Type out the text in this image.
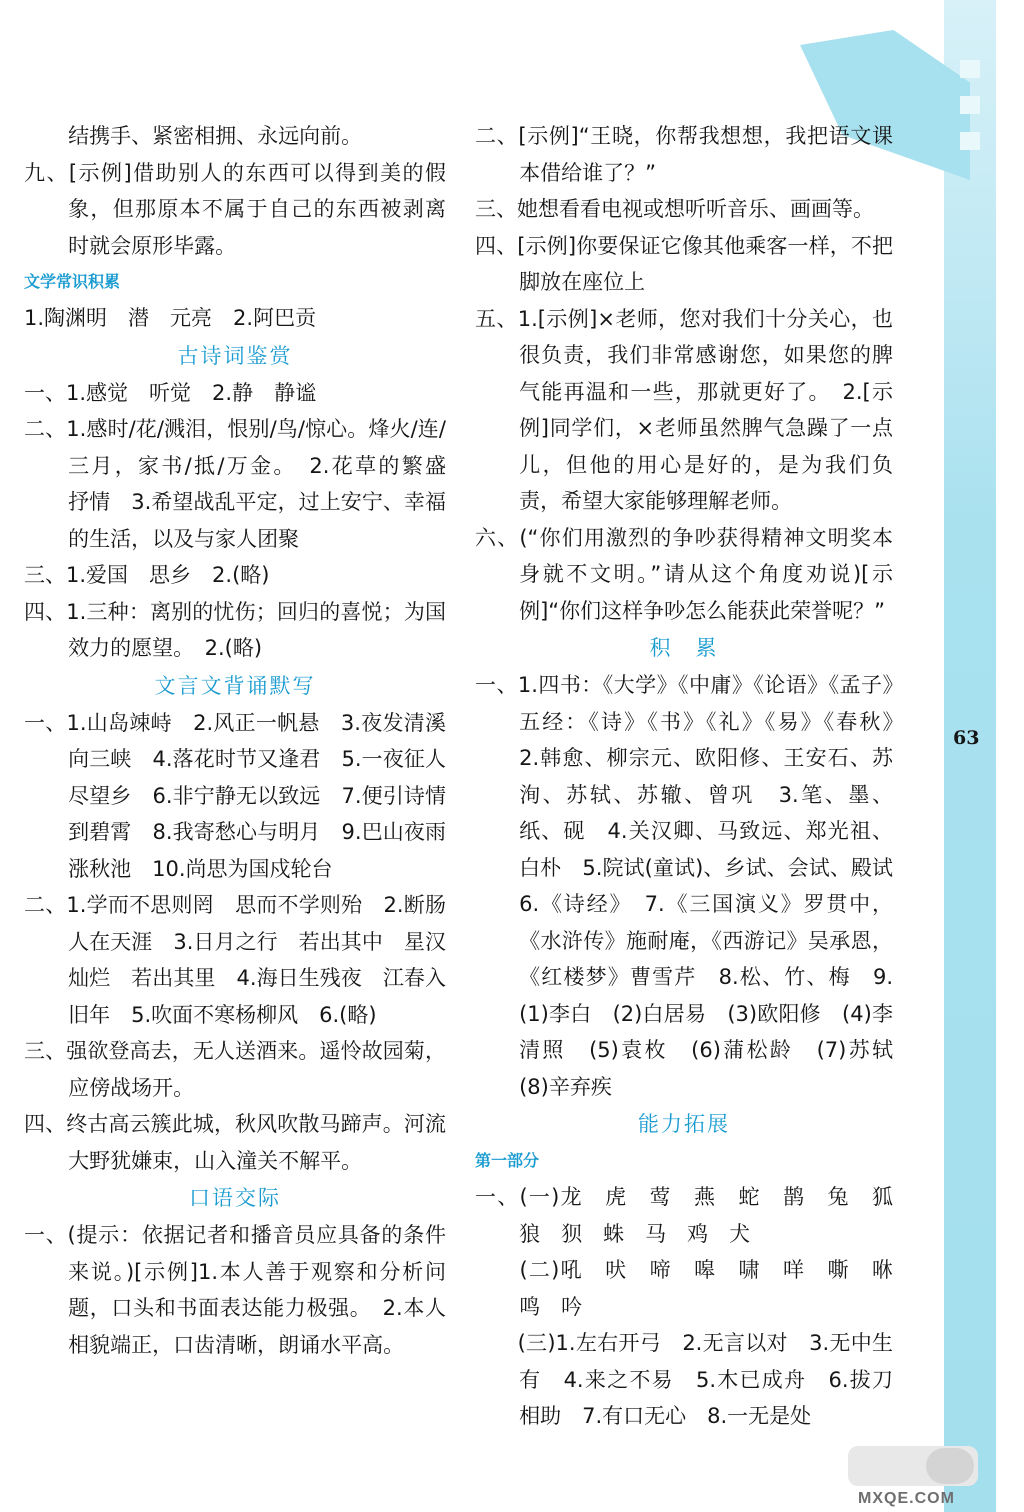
结携手、紧密相拥、永远向前。
九、[示例]借助别人的东西可以得到美的假象，但那原本不属于自己的东西被剥离时就会原形毕露。
文学常识积累
1.陶渊明　潜　元亮　2.阿巴贡
古诗词鉴赏
一、1.感觉　听觉　2.静　静谧
二、1.感时/花/溅泪，恨别/鸟/惊心。烽火/连/三月，家书/抵/万金。　2.花草的繁盛　抒情　3.希望战乱平定，过上安宁、幸福的生活，以及与家人团聚
三、1.爱国　思乡　2.(略)
四、1.三种：离别的忧伤；回归的喜悦；为国效力的愿望。　2.(略)
文言文背诵默写
一、1.山岛竦峙　2.风正一帆悬　3.夜发清溪向三峡　4.落花时节又逢君　5.一夜征人尽望乡　6.非宁静无以致远　7.便引诗情到碧霄　8.我寄愁心与明月　9.巴山夜雨涨秋池　10.尚思为国戍轮台
二、1.学而不思则罔　思而不学则殆　2.断肠人在天涯　3.日月之行　若出其中　星汉灿烂　若出其里　4.海日生残夜　江春入旧年　5.吹面不寒杨柳风　6.(略)
三、强欲登高去，无人送酒来。遥怜故园菊，应傍战场开。
四、终古高云簇此城，秋风吹散马蹄声。河流大野犹嫌束，山入潼关不解平。
口语交际
一、(提示：依据记者和播音员应具备的条件来说。)[示例]1.本人善于观察和分析问题，口头和书面表达能力极强。　2.本人相貌端正，口齿清晰，朗诵水平高。
二、[示例]“王晓，你帮我想想，我把语文课本借给谁了？”
三、她想看看电视或想听听音乐、画画等。
四、[示例]你要保证它像其他乘客一样，不把脚放在座位上
五、1.[示例]×老师，您对我们十分关心，也很负责，我们非常感谢您，如果您的脾气能再温和一些，那就更好了。　2.[示例]同学们，×老师虽然脾气急躁了一点儿，但他的用心是好的，是为我们负责，希望大家能够理解老师。
六、(“你们用激烈的争吵获得精神文明奖本身就不文明。”请从这个角度劝说)[示例]“你们这样争吵怎么能获此荣誉呢？”
积　累
一、1.四书：《大学》《中庸》《论语》《孟子》五经：《诗》《书》《礼》《易》《春秋》　2.韩愈、柳宗元、欧阳修、王安石、苏洵、苏轼、苏辙、曾巩　3.笔、墨、纸、砚　4.关汉卿、马致远、郑光祖、白朴　5.院试(童试)、乡试、会试、殿试　6.《诗经》　7.《三国演义》罗贯中，《水浒传》施耐庵，《西游记》吴承恩，《红楼梦》曹雪芹　8.松、竹、梅　9.(1)李白　(2)白居易　(3)欧阳修　(4)李清照　(5)袁枚　(6)蒲松龄　(7)苏轼　(8)辛弃疾
能力拓展
第一部分
一、(一)龙　虎　莺　燕　蛇　鹊　兔　狐　狼　狈　蛛　马　鸡　犬
　　(二)吼　吠　啼　嗥　啸　咩　嘶　咻　鸣　吟
　　(三)1.左右开弓　2.无言以对　3.无中生有　4.来之不易　5.木已成舟　6.拔刀相助　7.有口无心　8.一无是处
63
MXQE.COM
